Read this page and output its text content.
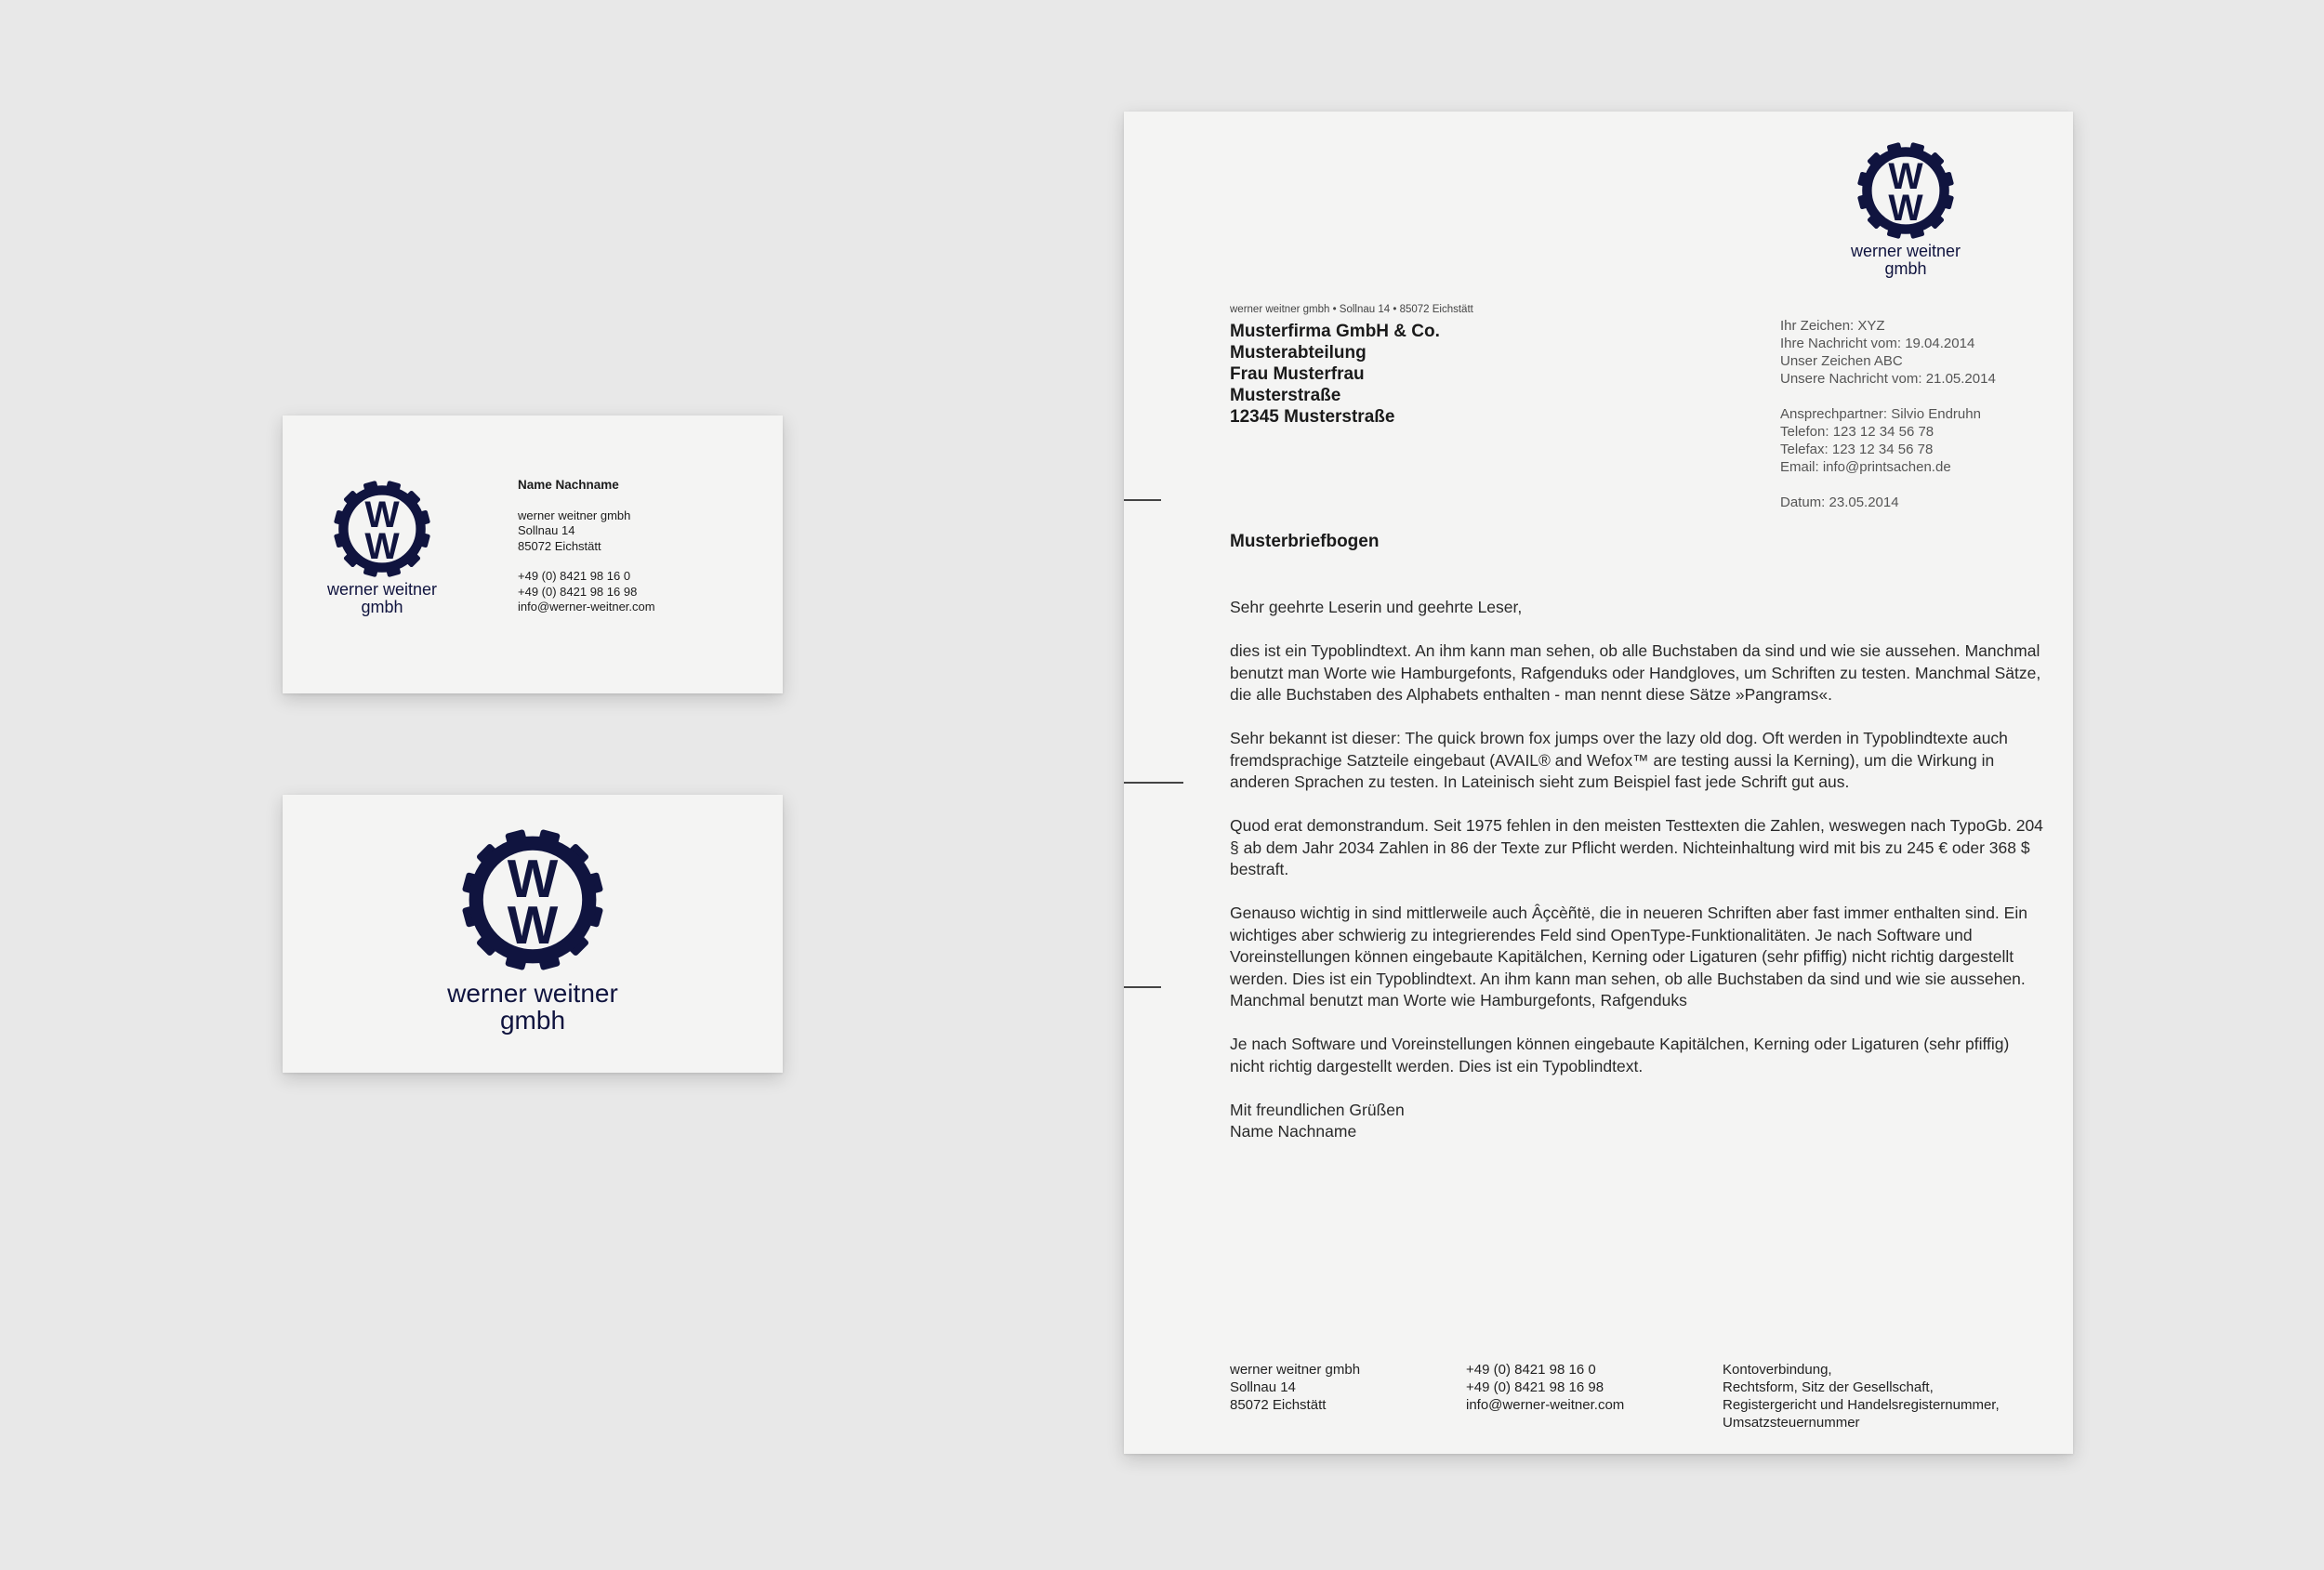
W
W
werner weitner
gmbh
Name Nachname
werner weitner gmbh
Sollnau 14
85072 Eichstätt
+49 (0) 8421 98 16 0
+49 (0) 8421 98 16 98
info@werner-weitner.com
W
W
werner weitner
gmbh
W
W
werner weitner
gmbh
werner weitner gmbh • Sollnau 14 • 85072 Eichstätt
Musterfirma GmbH & Co.
Musterabteilung
Frau Musterfrau
Musterstraße
12345 Musterstraße
Ihr Zeichen: XYZ
Ihre Nachricht vom: 19.04.2014
Unser Zeichen ABC
Unsere Nachricht vom: 21.05.2014
Ansprechpartner: Silvio Endruhn
Telefon: 123 12 34 56 78
Telefax: 123 12 34 56 78
Email: info@printsachen.de
Datum: 23.05.2014
Musterbriefbogen

Sehr geehrte Leserin und geehrte Leser,

dies ist ein Typoblindtext. An ihm kann man sehen, ob alle Buchstaben da sind und wie sie aussehen. Manchmal benutzt man Worte wie Hamburgefonts, Rafgenduks oder Handgloves, um Schriften zu testen. Manchmal Sätze, die alle Buchstaben des Alphabets enthalten - man nennt diese Sätze »Pangrams«.

Sehr bekannt ist dieser: The quick brown fox jumps over the lazy old dog. Oft werden in Typoblindtexte auch fremdsprachige Satzteile eingebaut (AVAIL® and Wefox™ are testing aussi la Kerning), um die Wirkung in anderen Sprachen zu testen. In Lateinisch sieht zum Beispiel fast jede Schrift gut aus.

Quod erat demonstrandum. Seit 1975 fehlen in den meisten Testtexten die Zahlen, weswegen nach TypoGb. 204 § ab dem Jahr 2034 Zahlen in 86 der Texte zur Pflicht werden. Nichteinhaltung wird mit bis zu 245 € oder 368 $ bestraft.

Genauso wichtig in sind mittlerweile auch Âçcèñtë, die in neueren Schriften aber fast immer enthalten sind. Ein wichtiges aber schwierig zu integrierendes Feld sind OpenType-Funktionalitäten. Je nach Software und Voreinstellungen können eingebaute Kapitälchen, Kerning oder Ligaturen (sehr pfiffig) nicht richtig dargestellt werden. Dies ist ein Typoblindtext. An ihm kann man sehen, ob alle Buchstaben da sind und wie sie aussehen. Manchmal benutzt man Worte wie Hamburgefonts, Rafgenduks

Je nach Software und Voreinstellungen können eingebaute Kapitälchen, Kerning oder Ligaturen (sehr pfiffig) nicht richtig dargestellt werden. Dies ist ein Typoblindtext.

Mit freundlichen Grüßen

Name Nachname

werner weitner gmbh
Sollnau 14
85072 Eichstätt
+49 (0) 8421 98 16 0
+49 (0) 8421 98 16 98
info@werner-weitner.com
Kontoverbindung,
Rechtsform, Sitz der Gesellschaft,
Registergericht und Handelsregisternummer,
Umsatzsteuernummer
